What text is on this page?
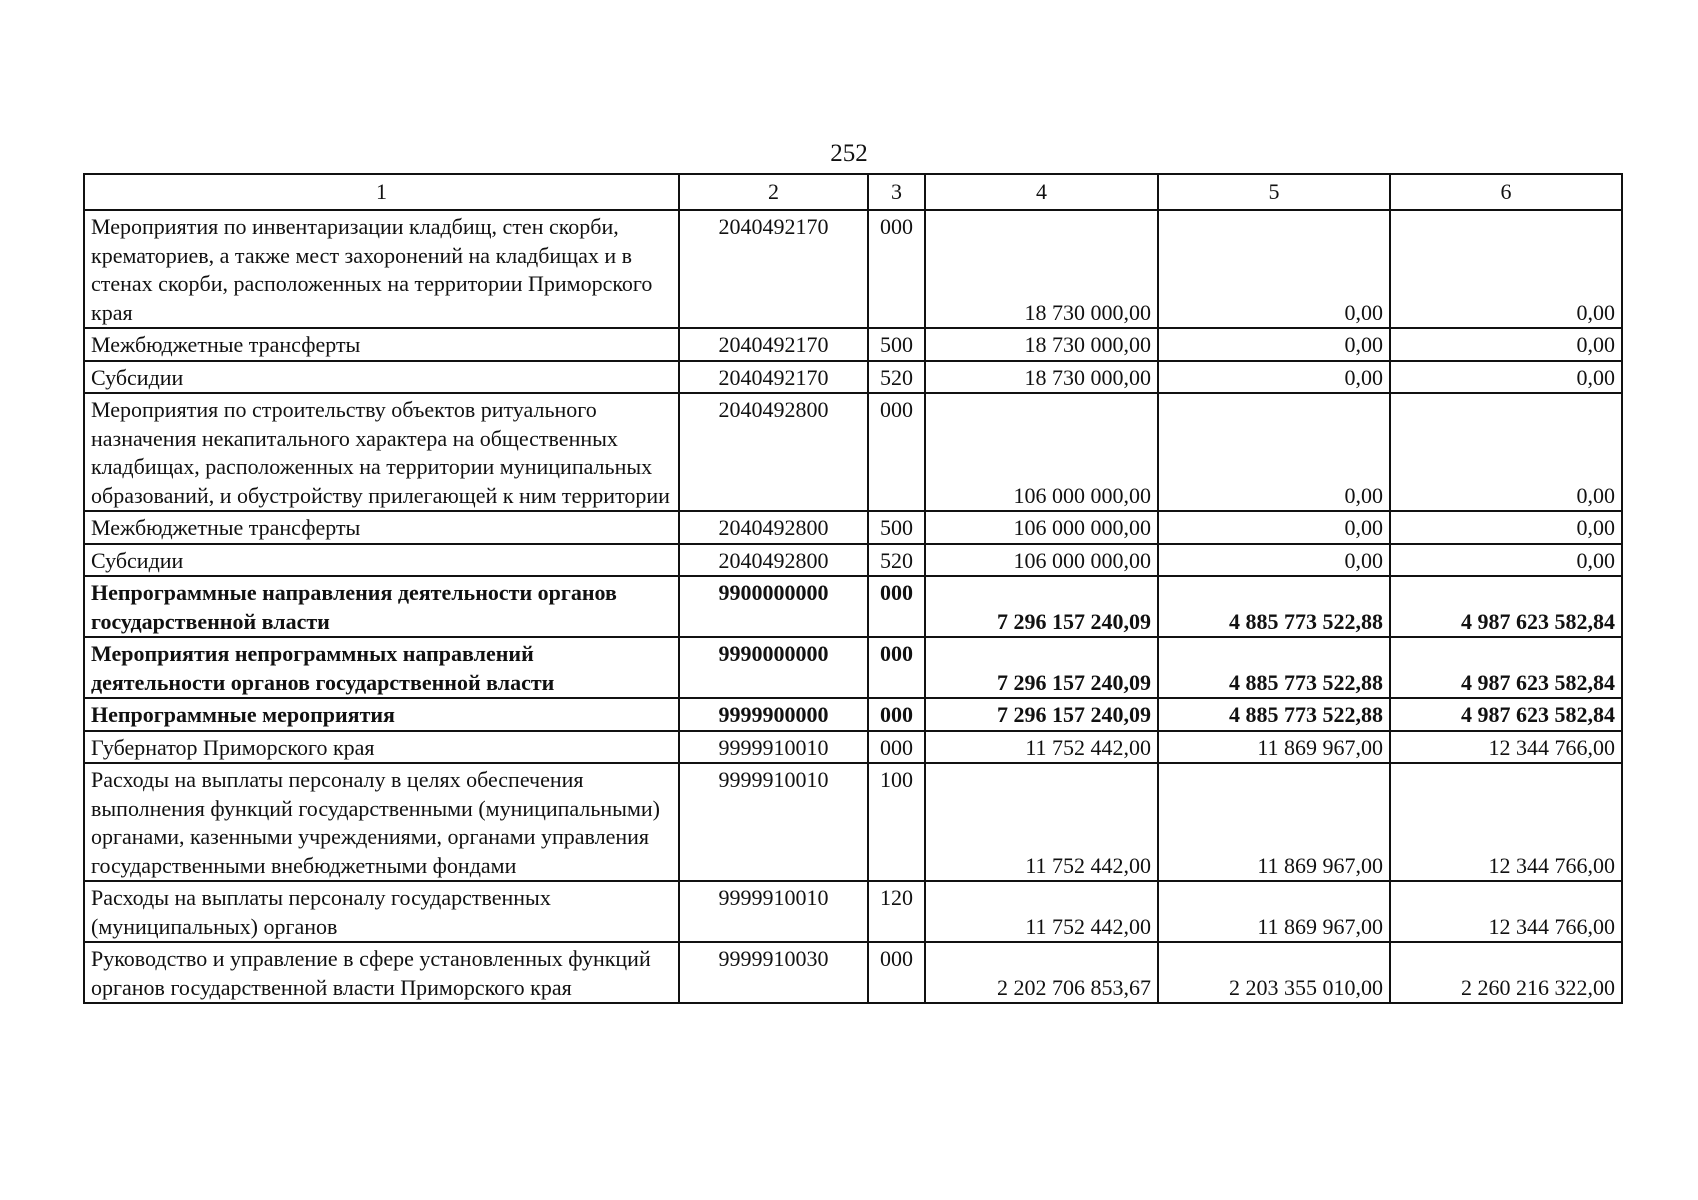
252
1	2	3	4	5	6
Мероприятия по инвентаризации кладбищ, стен скорби, крематориев, а также мест захоронений на кладбищах и в стенах скорби, расположенных на территории Приморского края	2040492170	000	18 730 000,00	0,00	0,00
Межбюджетные трансферты	2040492170	500	18 730 000,00	0,00	0,00
Субсидии	2040492170	520	18 730 000,00	0,00	0,00
Мероприятия по строительству объектов ритуального назначения некапитального характера на общественных кладбищах, расположенных на территории муниципальных образований, и обустройству прилегающей к ним территории	2040492800	000	106 000 000,00	0,00	0,00
Межбюджетные трансферты	2040492800	500	106 000 000,00	0,00	0,00
Субсидии	2040492800	520	106 000 000,00	0,00	0,00
Непрограммные направления деятельности органов государственной власти	9900000000	000	7 296 157 240,09	4 885 773 522,88	4 987 623 582,84
Мероприятия непрограммных направлений деятельности органов государственной власти	9990000000	000	7 296 157 240,09	4 885 773 522,88	4 987 623 582,84
Непрограммные мероприятия	9999900000	000	7 296 157 240,09	4 885 773 522,88	4 987 623 582,84
Губернатор Приморского края	9999910010	000	11 752 442,00	11 869 967,00	12 344 766,00
Расходы на выплаты персоналу в целях обеспечения выполнения функций государственными (муниципальными) органами, казенными учреждениями, органами управления государственными внебюджетными фондами	9999910010	100	11 752 442,00	11 869 967,00	12 344 766,00
Расходы на выплаты персоналу государственных (муниципальных) органов	9999910010	120	11 752 442,00	11 869 967,00	12 344 766,00
Руководство и управление в сфере установленных функций органов государственной власти Приморского края	9999910030	000	2 202 706 853,67	2 203 355 010,00	2 260 216 322,00
